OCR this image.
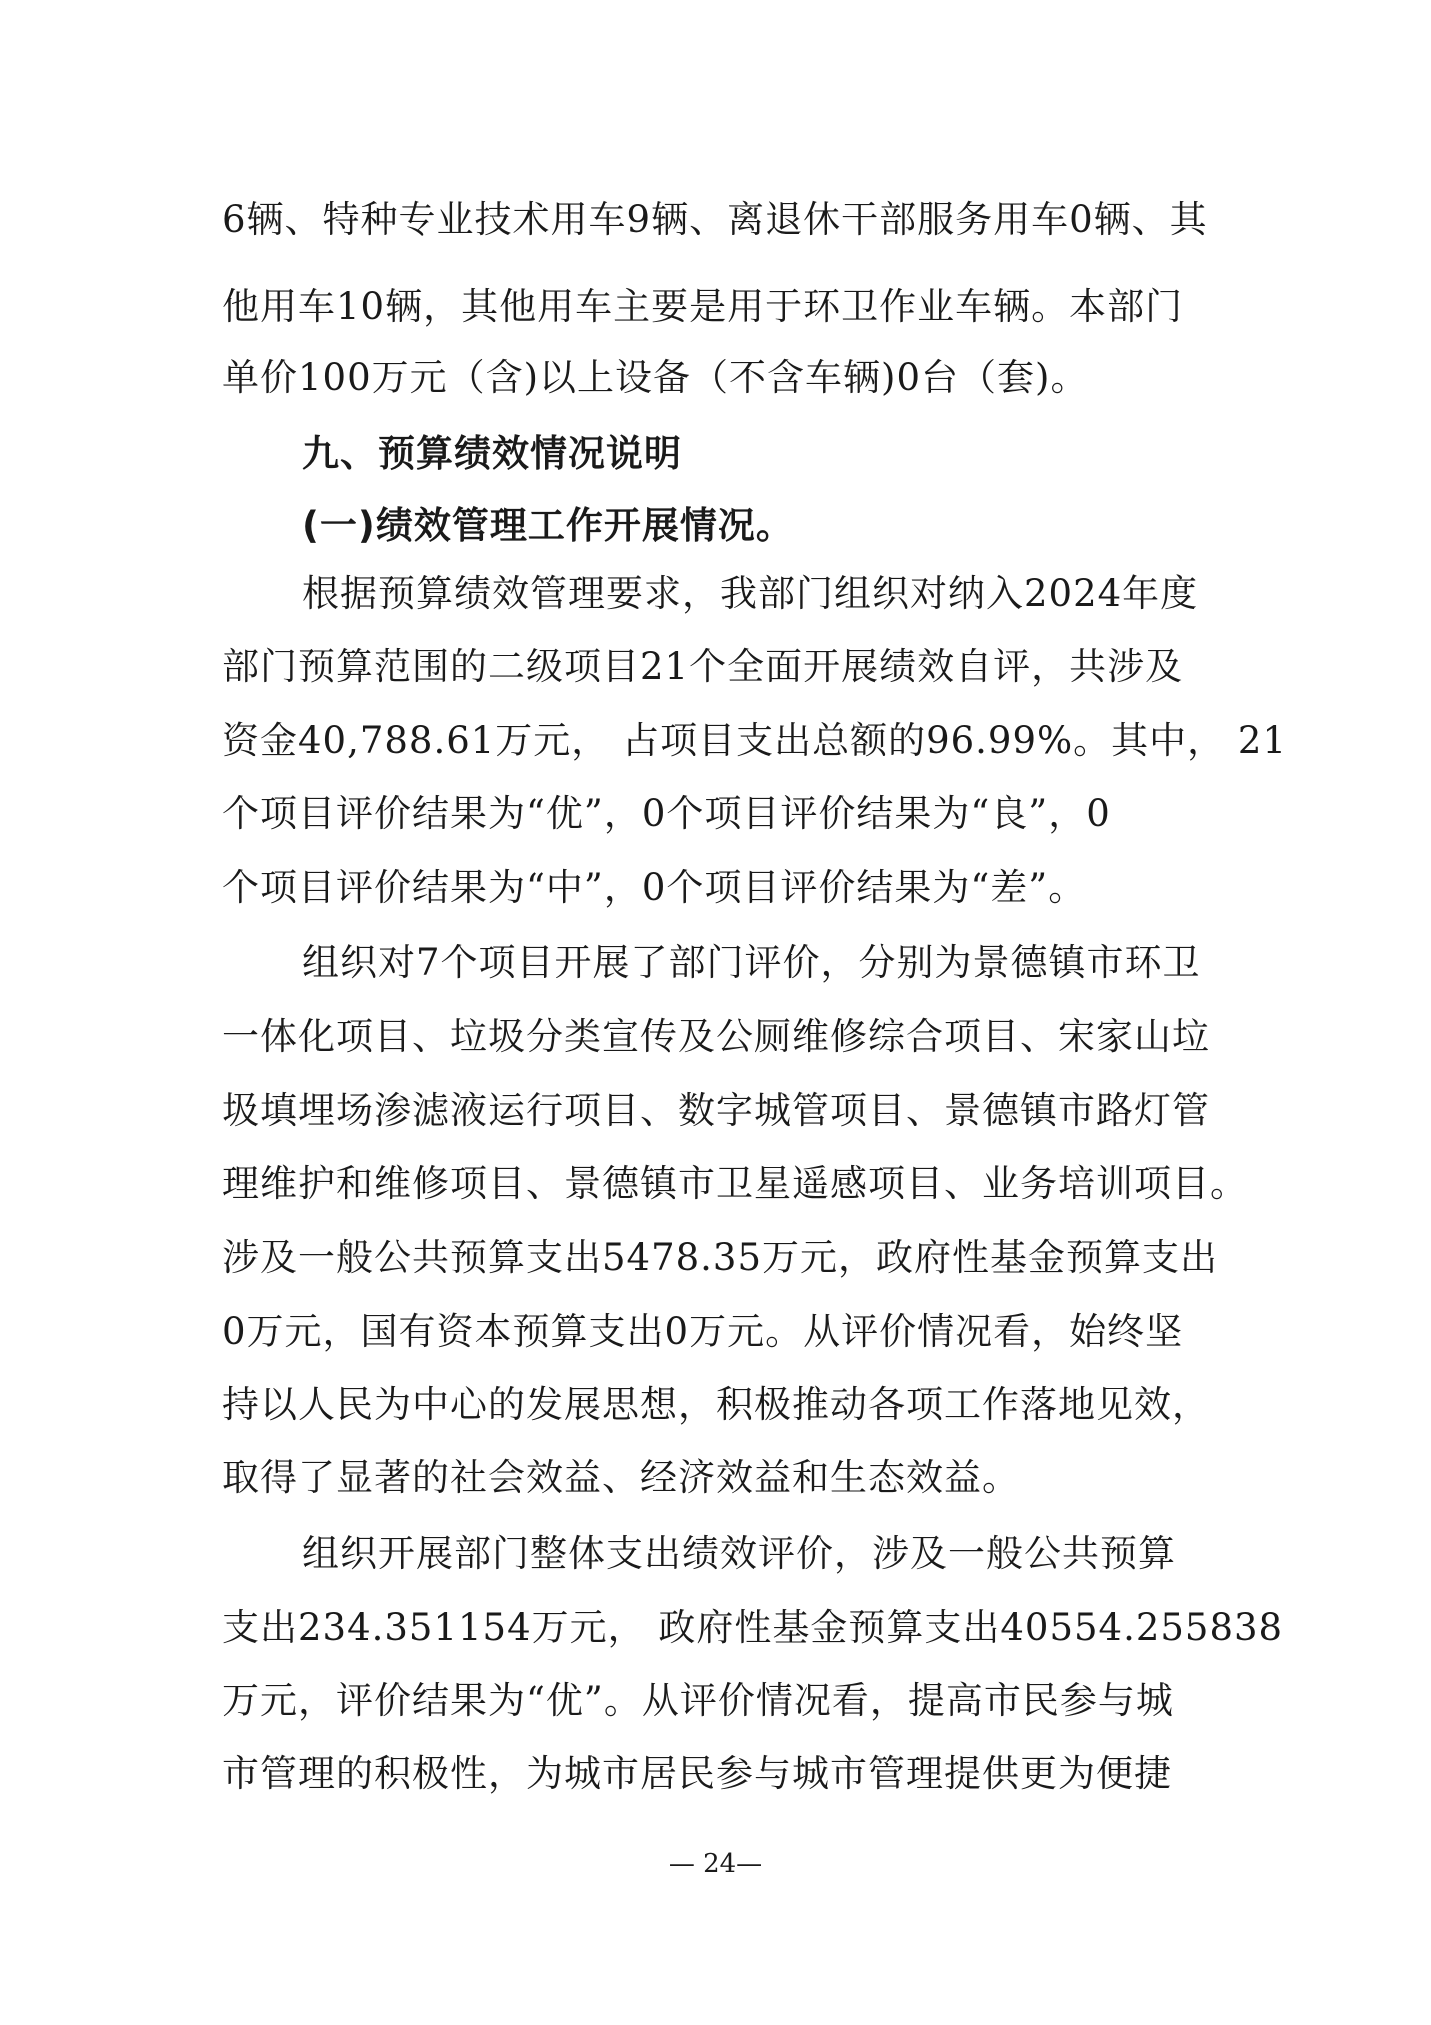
6辆、特种专业技术用车9辆、离退休干部服务用车0辆、其
他用车10辆，其他用车主要是用于环卫作业车辆。本部门
单价100万元（含)以上设备（不含车辆)0台（套)。
九、预算绩效情况说明
(一)绩效管理工作开展情况。
根据预算绩效管理要求，我部门组织对纳入2024年度
部门预算范围的二级项目21个全面开展绩效自评，共涉及
资金40,788.61万元， 占项目支出总额的96.99%。其中， 21
个项目评价结果为“优”，0个项目评价结果为“良”，0
个项目评价结果为“中”，0个项目评价结果为“差”。
组织对7个项目开展了部门评价，分别为景德镇市环卫
一体化项目、垃圾分类宣传及公厕维修综合项目、宋家山垃
圾填埋场渗滤液运行项目、数字城管项目、景德镇市路灯管
理维护和维修项目、景德镇市卫星遥感项目、业务培训项目。
涉及一般公共预算支出5478.35万元，政府性基金预算支出
0万元，国有资本预算支出0万元。从评价情况看，始终坚
持以人民为中心的发展思想，积极推动各项工作落地见效，
取得了显著的社会效益、经济效益和生态效益。
组织开展部门整体支出绩效评价，涉及一般公共预算
支出234.351154万元， 政府性基金预算支出40554.255838
万元，评价结果为“优”。从评价情况看，提高市民参与城
市管理的积极性，为城市居民参与城市管理提供更为便捷
— 24—
